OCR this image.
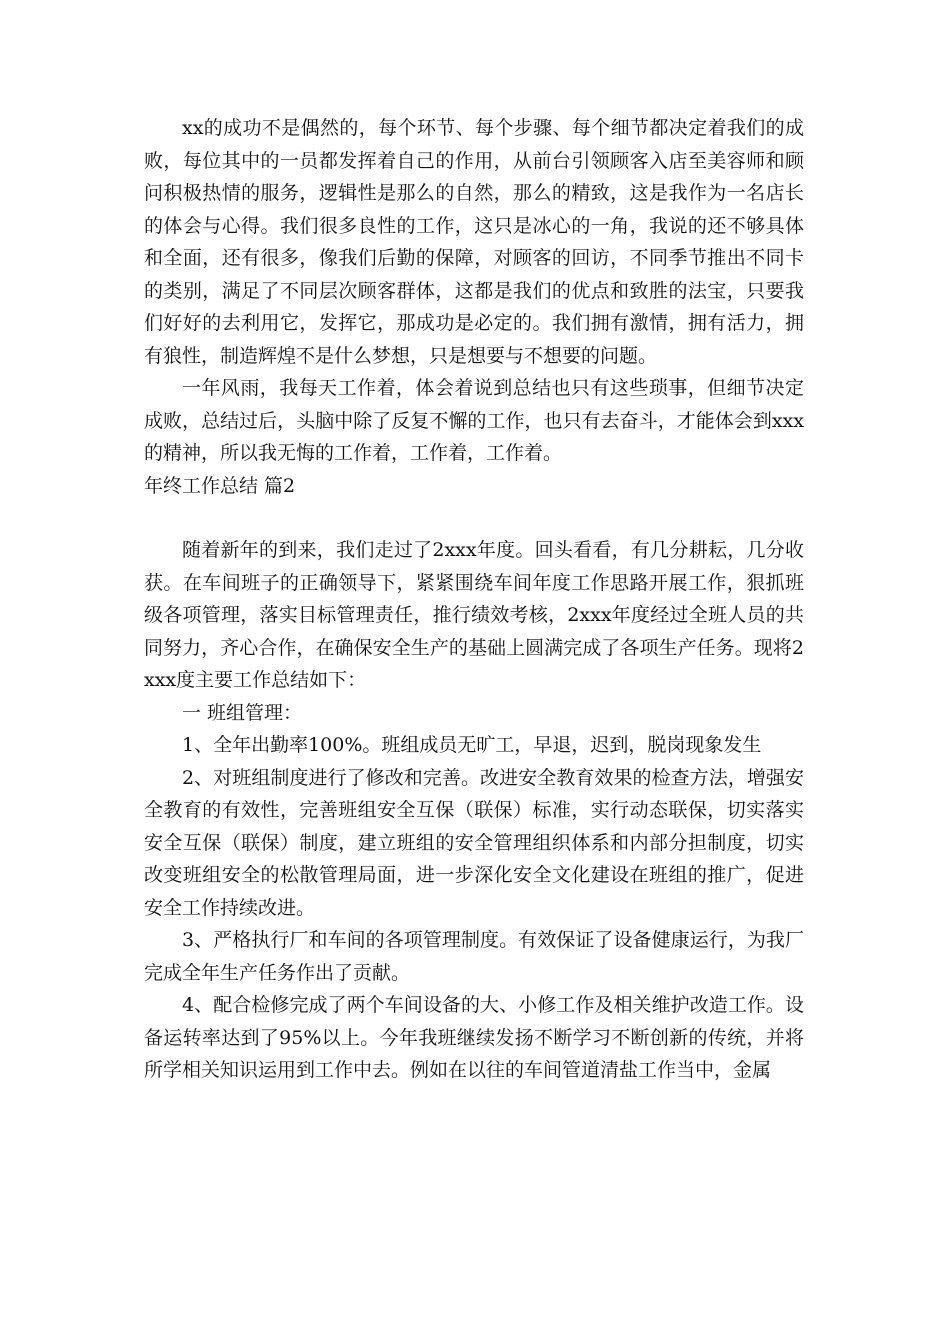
xx的成功不是偶然的，每个环节、每个步骤、每个细节都决定着我们的成败，每位其中的一员都发挥着自己的作用，从前台引领顾客入店至美容师和顾问积极热情的服务，逻辑性是那么的自然，那么的精致，这是我作为一名店长的体会与心得。我们很多良性的工作，这只是冰心的一角，我说的还不够具体和全面，还有很多，像我们后勤的保障，对顾客的回访，不同季节推出不同卡的类别，满足了不同层次顾客群体，这都是我们的优点和致胜的法宝，只要我们好好的去利用它，发挥它，那成功是必定的。我们拥有激情，拥有活力，拥有狼性，制造辉煌不是什么梦想，只是想要与不想要的问题。

一年风雨，我每天工作着，体会着说到总结也只有这些琐事，但细节决定成败，总结过后，头脑中除了反复不懈的工作，也只有去奋斗，才能体会到xxx的精神，所以我无悔的工作着，工作着，工作着。

年终工作总结 篇2

随着新年的到来，我们走过了2xxx年度。回头看看，有几分耕耘，几分收获。在车间班子的正确领导下，紧紧围绕车间年度工作思路开展工作，狠抓班级各项管理，落实目标管理责任，推行绩效考核，2xxx年度经过全班人员的共同努力，齐心合作，在确保安全生产的基础上圆满完成了各项生产任务。现将2xxx度主要工作总结如下：

一 班组管理：

1、全年出勤率100%。班组成员无旷工，早退，迟到，脱岗现象发生

2、对班组制度进行了修改和完善。改进安全教育效果的检查方法，增强安全教育的有效性，完善班组安全互保（联保）标准，实行动态联保，切实落实安全互保（联保）制度，建立班组的安全管理组织体系和内部分担制度，切实改变班组安全的松散管理局面，进一步深化安全文化建设在班组的推广，促进安全工作持续改进。

3、严格执行厂和车间的各项管理制度。有效保证了设备健康运行，为我厂完成全年生产任务作出了贡献。

4、配合检修完成了两个车间设备的大、小修工作及相关维护改造工作。设备运转率达到了95%以上。今年我班继续发扬不断学习不断创新的传统，并将所学相关知识运用到工作中去。例如在以往的车间管道清盐工作当中，金属
